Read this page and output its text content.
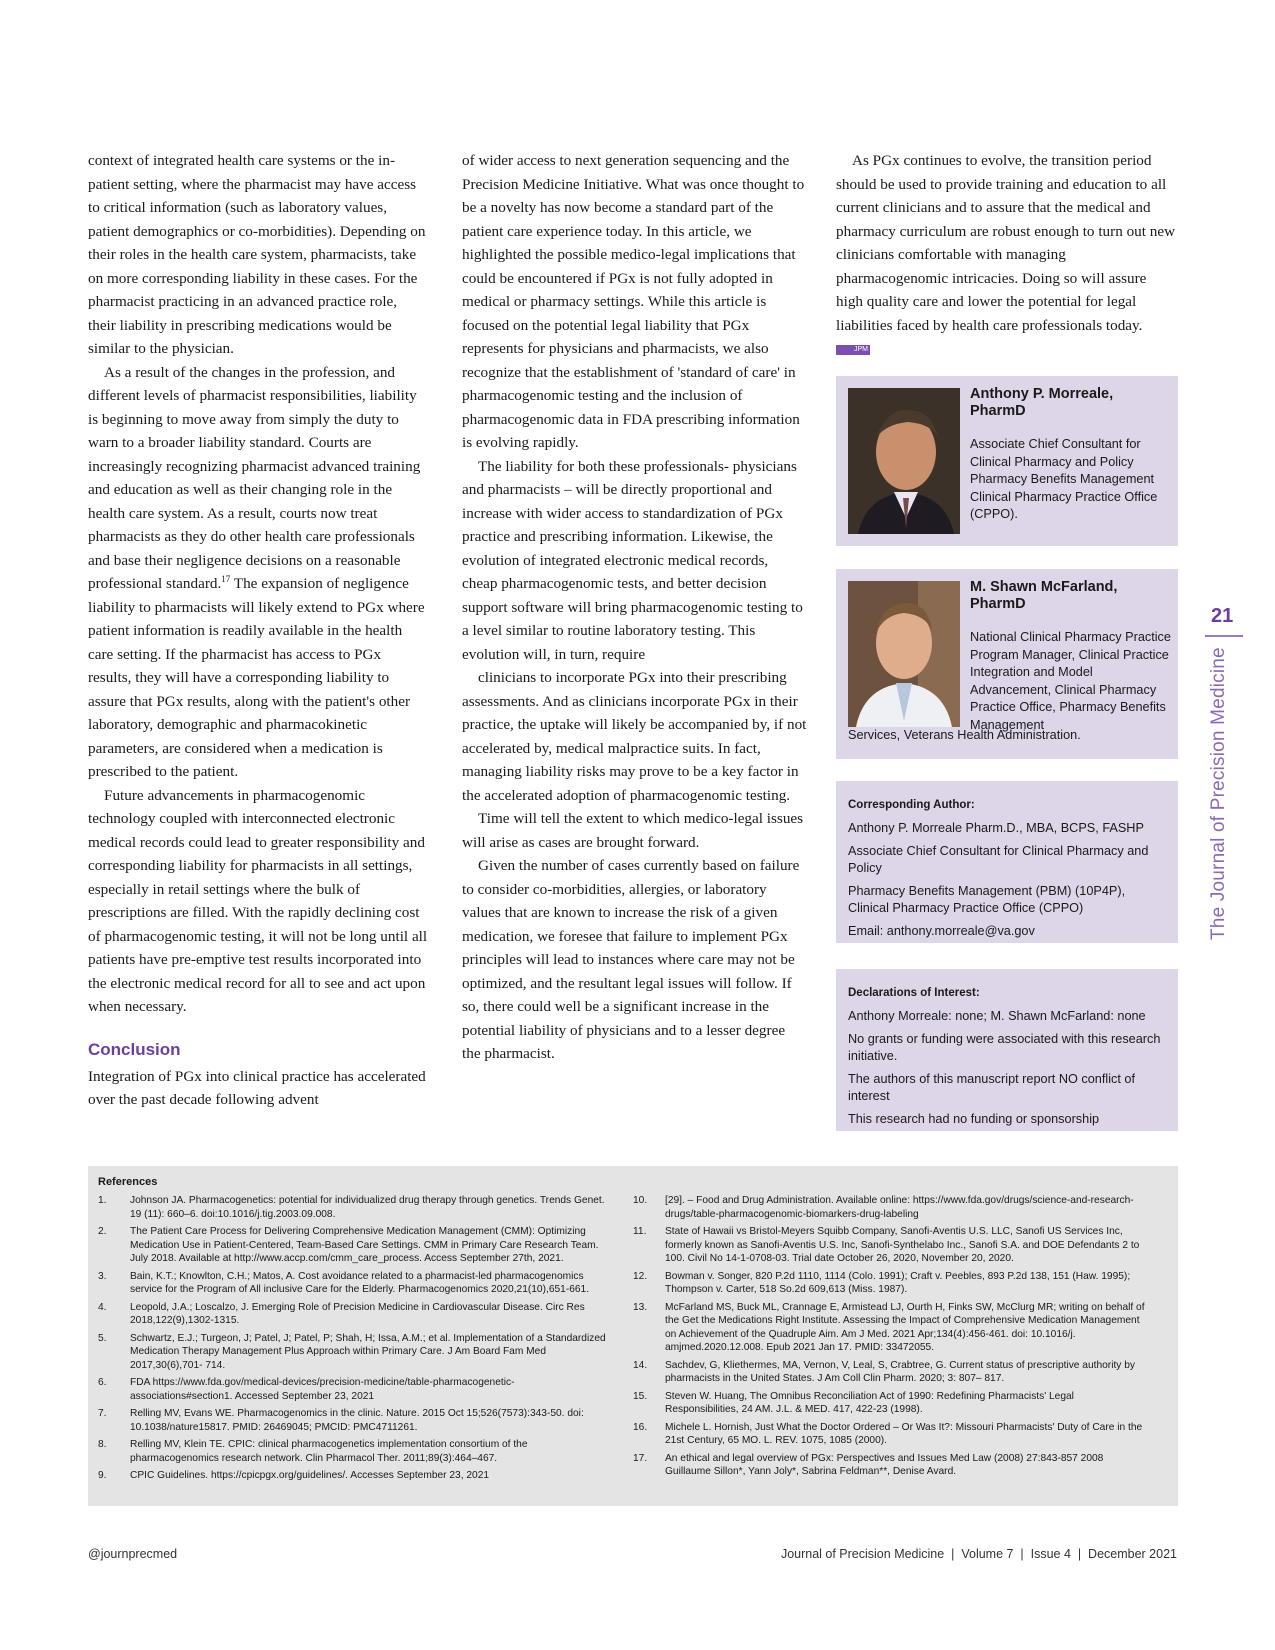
context of integrated health care systems or the in-patient setting, where the pharmacist may have access to critical information (such as laboratory values, patient demographics or co-morbidities). Depending on their roles in the health care system, pharmacists, take on more corresponding liability in these cases. For the pharmacist practicing in an advanced practice role, their liability in prescribing medications would be similar to the physician.

As a result of the changes in the profession, and different levels of pharmacist responsibilities, liability is beginning to move away from simply the duty to warn to a broader liability standard. Courts are increasingly recognizing pharmacist advanced training and education as well as their changing role in the health care system. As a result, courts now treat pharmacists as they do other health care professionals and base their negligence decisions on a reasonable professional standard.$^{17}$ The expansion of negligence liability to pharmacists will likely extend to PGx where patient information is readily available in the health care setting. If the pharmacist has access to PGx results, they will have a corresponding liability to assure that PGx results, along with the patient's other laboratory, demographic and pharmacokinetic parameters, are considered when a medication is prescribed to the patient.

Future advancements in pharmacogenomic technology coupled with interconnected electronic medical records could lead to greater responsibility and corresponding liability for pharmacists in all settings, especially in retail settings where the bulk of prescriptions are filled. With the rapidly declining cost of pharmacogenomic testing, it will not be long until all patients have pre-emptive test results incorporated into the electronic medical record for all to see and act upon when necessary.

Conclusion

Integration of PGx into clinical practice has accelerated over the past decade following advent

of wider access to next generation sequencing and the Precision Medicine Initiative. What was once thought to be a novelty has now become a standard part of the patient care experience today. In this article, we highlighted the possible medico-legal implications that could be encountered if PGx is not fully adopted in medical or pharmacy settings. While this article is focused on the potential legal liability that PGx represents for physicians and pharmacists, we also recognize that the establishment of 'standard of care' in pharmacogenomic testing and the inclusion of pharmacogenomic data in FDA prescribing information is evolving rapidly.

The liability for both these professionals- physicians and pharmacists – will be directly proportional and increase with wider access to standardization of PGx practice and prescribing information. Likewise, the evolution of integrated electronic medical records, cheap pharmacogenomic tests, and better decision support software will bring pharmacogenomic testing to a level similar to routine laboratory testing. This evolution will, in turn, require

clinicians to incorporate PGx into their prescribing assessments. And as clinicians incorporate PGx in their practice, the uptake will likely be accompanied by, if not accelerated by, medical malpractice suits. In fact, managing liability risks may prove to be a key factor in the accelerated adoption of pharmacogenomic testing.

Time will tell the extent to which medico-legal issues will arise as cases are brought forward.

Given the number of cases currently based on failure to consider co-morbidities, allergies, or laboratory values that are known to increase the risk of a given medication, we foresee that failure to implement PGx principles will lead to instances where care may not be optimized, and the resultant legal issues will follow. If so, there could well be a significant increase in the potential liability of physicians and to a lesser degree the pharmacist.

As PGx continues to evolve, the transition period should be used to provide training and education to all current clinicians and to assure that the medical and pharmacy curriculum are robust enough to turn out new clinicians comfortable with managing pharmacogenomic intricacies. Doing so will assure high quality care and lower the potential for legal liabilities faced by health care professionals today. JPM

Anthony P. Morreale, PharmD
Associate Chief Consultant for Clinical Pharmacy and Policy Pharmacy Benefits Management Clinical Pharmacy Practice Office (CPPO).
M. Shawn McFarland, PharmD
National Clinical Pharmacy Practice Program Manager, Clinical Practice Integration and Model Advancement, Clinical Pharmacy Practice Office, Pharmacy Benefits Management
Services, Veterans Health Administration.
Corresponding Author:

Anthony P. Morreale Pharm.D., MBA, BCPS, FASHP

Associate Chief Consultant for Clinical Pharmacy and Policy

Pharmacy Benefits Management (PBM) (10P4P), Clinical Pharmacy Practice Office (CPPO)

Email: anthony.morreale@va.gov

Declarations of Interest:

Anthony Morreale: none; M. Shawn McFarland: none

No grants or funding were associated with this research initiative.

The authors of this manuscript report NO conflict of interest

This research had no funding or sponsorship

21
The Journal of Precision Medicine
References
1.	Johnson JA. Pharmacogenetics: potential for individualized drug therapy through genetics. Trends Genet. 19 (11): 660–6. doi:10.1016/j.tig.2003.09.008.
2.	The Patient Care Process for Delivering Comprehensive Medication Management (CMM): Optimizing Medication Use in Patient-Centered, Team-Based Care Settings. CMM in Primary Care Research Team. July 2018. Available at http://www.accp.com/cmm_care_process. Access September 27th, 2021.
3.	Bain, K.T.; Knowlton, C.H.; Matos, A. Cost avoidance related to a pharmacist-led pharmacogenomics service for the Program of All inclusive Care for the Elderly. Pharmacogenomics 2020,21(10),651-661.
4.	Leopold, J.A.; Loscalzo, J. Emerging Role of Precision Medicine in Cardiovascular Disease. Circ Res 2018,122(9),1302-1315.
5.	Schwartz, E.J.; Turgeon, J; Patel, J; Patel, P; Shah, H; Issa, A.M.; et al. Implementation of a Standardized Medication Therapy Management Plus Approach within Primary Care. J Am Board Fam Med 2017,30(6),701- 714.
6.	FDA https://www.fda.gov/medical-devices/precision-medicine/table-pharmacogenetic-associations#section1. Accessed September 23, 2021
7.	Relling MV, Evans WE. Pharmacogenomics in the clinic. Nature. 2015 Oct 15;526(7573):343-50. doi: 10.1038/nature15817. PMID: 26469045; PMCID: PMC4711261.
8.	Relling MV, Klein TE. CPIC: clinical pharmacogenetics implementation consortium of the pharmacogenomics research network. Clin Pharmacol Ther. 2011;89(3):464–467.
9.	CPIC Guidelines. https://cpicpgx.org/guidelines/. Accesses September 23, 2021
10.	[29]. – Food and Drug Administration. Available online: https://www.fda.gov/drugs/science-and-research-drugs/table-pharmacogenomic-biomarkers-drug-labeling
11.	State of Hawaii vs Bristol-Meyers Squibb Company, Sanofi-Aventis U.S. LLC, Sanofi US Services Inc, formerly known as Sanofi-Aventis U.S. Inc, Sanofi-Synthelabo Inc., Sanofi S.A. and DOE Defendants 2 to 100. Civil No 14-1-0708-03. Trial date October 26, 2020, November 20, 2020.
12.	Bowman v. Songer, 820 P.2d 1110, 1114 (Colo. 1991); Craft v. Peebles, 893 P.2d 138, 151 (Haw. 1995); Thompson v. Carter, 518 So.2d 609,613 (Miss. 1987).
13.	McFarland MS, Buck ML, Crannage E, Armistead LJ, Ourth H, Finks SW, McClurg MR; writing on behalf of the Get the Medications Right Institute. Assessing the Impact of Comprehensive Medication Management on Achievement of the Quadruple Aim. Am J Med. 2021 Apr;134(4):456-461. doi: 10.1016/j. amjmed.2020.12.008. Epub 2021 Jan 17. PMID: 33472055.
14.	Sachdev, G, Kliethermes, MA, Vernon, V, Leal, S, Crabtree, G. Current status of prescriptive authority by pharmacists in the United States. J Am Coll Clin Pharm. 2020; 3: 807– 817.
15.	Steven W. Huang, The Omnibus Reconciliation Act of 1990: Redefining Pharmacists' Legal Responsibilities, 24 AM. J.L. & MED. 417, 422-23 (1998).
16.	Michele L. Hornish, Just What the Doctor Ordered – Or Was It?: Missouri Pharmacists' Duty of Care in the 21st Century, 65 MO. L. REV. 1075, 1085 (2000).
17.	An ethical and legal overview of PGx: Perspectives and Issues Med Law (2008) 27:843-857 2008 Guillaume Sillon*, Yann Joly*, Sabrina Feldman**, Denise Avard.
@journprecmed	Journal of Precision Medicine  |  Volume 7  |  Issue 4  |  December 2021
